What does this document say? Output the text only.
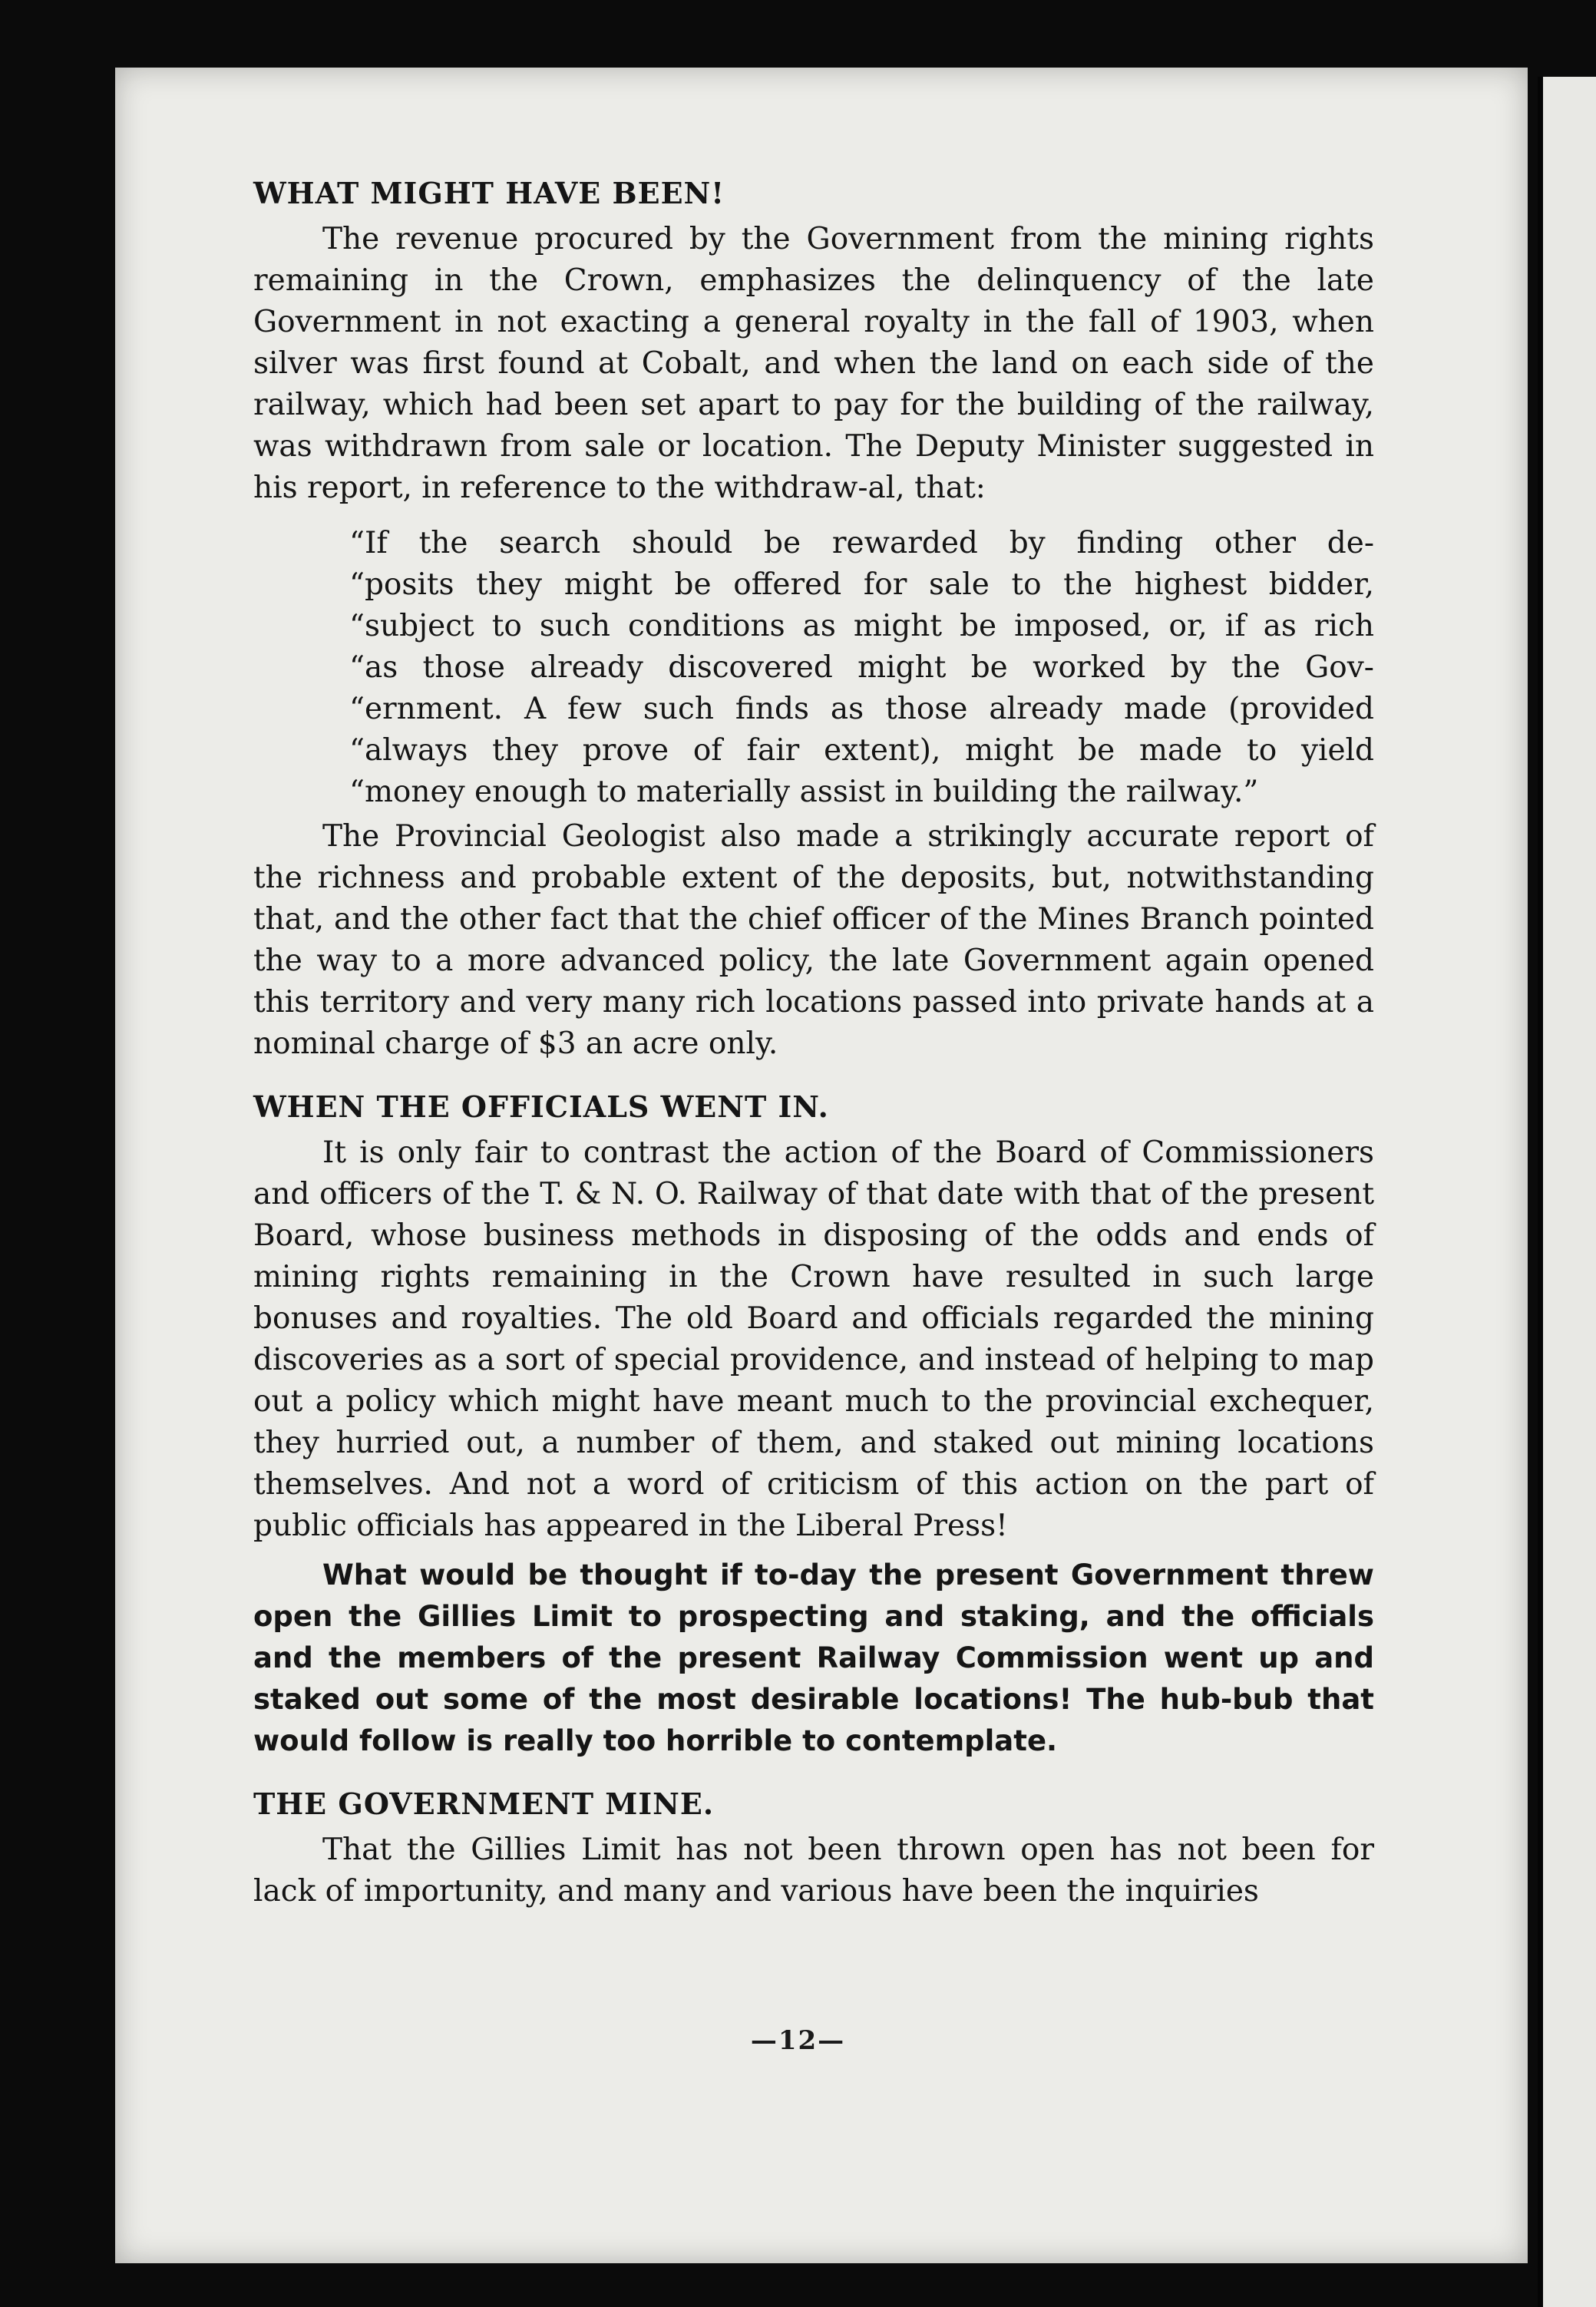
WHAT MIGHT HAVE BEEN!

The revenue procured by the Government from the mining rights remaining in the Crown, emphasizes the delinquency of the late Government in not exacting a general royalty in the fall of 1903, when silver was first found at Cobalt, and when the land on each side of the railway, which had been set apart to pay for the building of the railway, was withdrawn from sale or location. The Deputy Minister suggested in his report, in reference to the withdraw-al, that:

“If the search should be rewarded by finding other de-
“posits they might be offered for sale to the highest bidder,
“subject to such conditions as might be imposed, or, if as rich
“as those already discovered might be worked by the Gov-
“ernment. A few such finds as those already made (provided
“always they prove of fair extent), might be made to yield
“money enough to materially assist in building the railway.”

The Provincial Geologist also made a strikingly accurate report of the richness and probable extent of the deposits, but, notwithstanding that, and the other fact that the chief officer of the Mines Branch pointed the way to a more advanced policy, the late Government again opened this territory and very many rich locations passed into private hands at a nominal charge of $3 an acre only.

WHEN THE OFFICIALS WENT IN.

It is only fair to contrast the action of the Board of Commissioners and officers of the T. & N. O. Railway of that date with that of the present Board, whose business methods in disposing of the odds and ends of mining rights remaining in the Crown have resulted in such large bonuses and royalties. The old Board and officials regarded the mining discoveries as a sort of special providence, and instead of helping to map out a policy which might have meant much to the provincial exchequer, they hurried out, a number of them, and staked out mining locations themselves. And not a word of criticism of this action on the part of public officials has appeared in the Liberal Press!

What would be thought if to-day the present Government threw open the Gillies Limit to prospecting and staking, and the officials and the members of the present Railway Commission went up and staked out some of the most desirable locations! The hub-bub that would follow is really too horrible to contemplate.

THE GOVERNMENT MINE.

That the Gillies Limit has not been thrown open has not been for lack of importunity, and many and various have been the inquiries

—12—
